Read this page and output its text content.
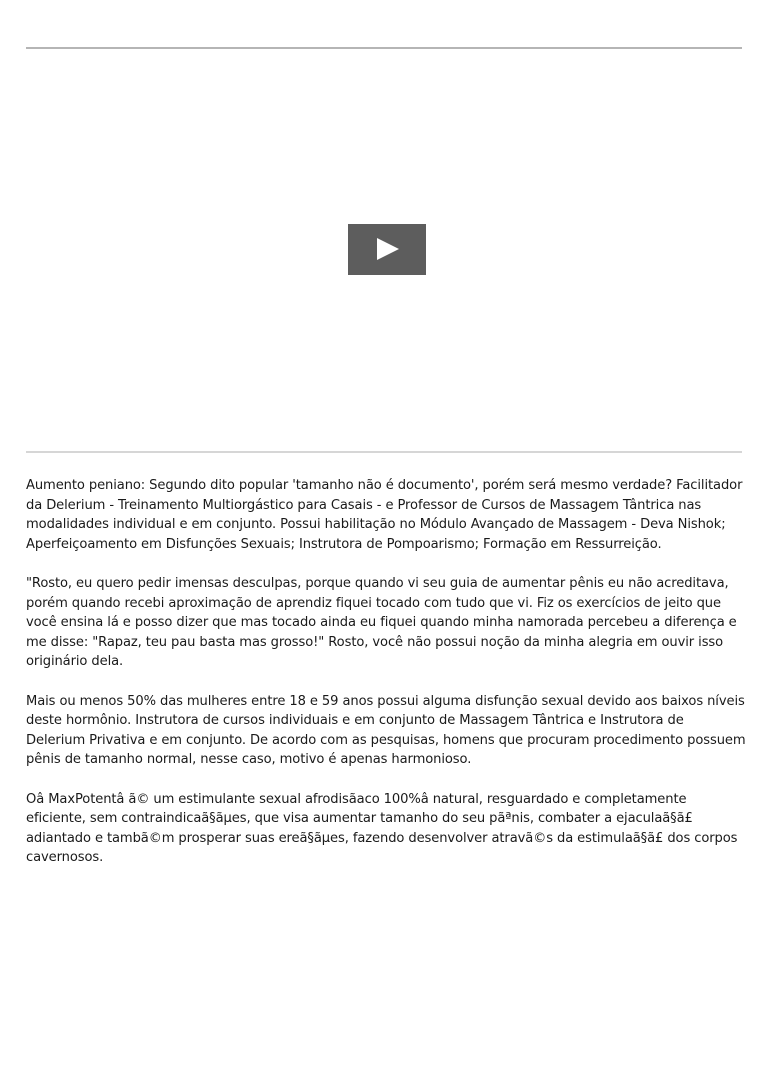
Aumento peniano: Segundo dito popular 'tamanho não é documento', porém será mesmo verdade? Facilitador da Delerium - Treinamento Multiorgástico para Casais - e Professor de Cursos de Massagem Tântrica nas modalidades individual e em conjunto. Possui habilitação no Módulo Avançado de Massagem - Deva Nishok; Aperfeiçoamento em Disfunções Sexuais; Instrutora de Pompoarismo; Formação em Ressurreição.

"Rosto, eu quero pedir imensas desculpas, porque quando vi seu guia de aumentar pênis eu não acreditava, porém quando recebi aproximação de aprendiz fiquei tocado com tudo que vi. Fiz os exercícios de jeito que você ensina lá e posso dizer que mas tocado ainda eu fiquei quando minha namorada percebeu a diferença e me disse: "Rapaz, teu pau basta mas grosso!" Rosto, você não possui noção da minha alegria em ouvir isso originário dela.

Mais ou menos 50% das mulheres entre 18 e 59 anos possui alguma disfunção sexual devido aos baixos níveis deste hormônio. Instrutora de cursos individuais e em conjunto de Massagem Tântrica e Instrutora de Delerium Privativa e em conjunto. De acordo com as pesquisas, homens que procuram procedimento possuem pênis de tamanho normal, nesse caso, motivo é apenas harmonioso.

Oâ MaxPotentâ ã© um estimulante sexual afrodisãaco 100%â natural, resguardado e completamente eficiente, sem contraindicaã§ãµes, que visa aumentar tamanho do seu pãªnis, combater a ejaculaã§ã£ adiantado e tambã©m prosperar suas ereã§ãµes, fazendo desenvolver atravã©s da estimulaã§ã£ dos corpos cavernosos.
